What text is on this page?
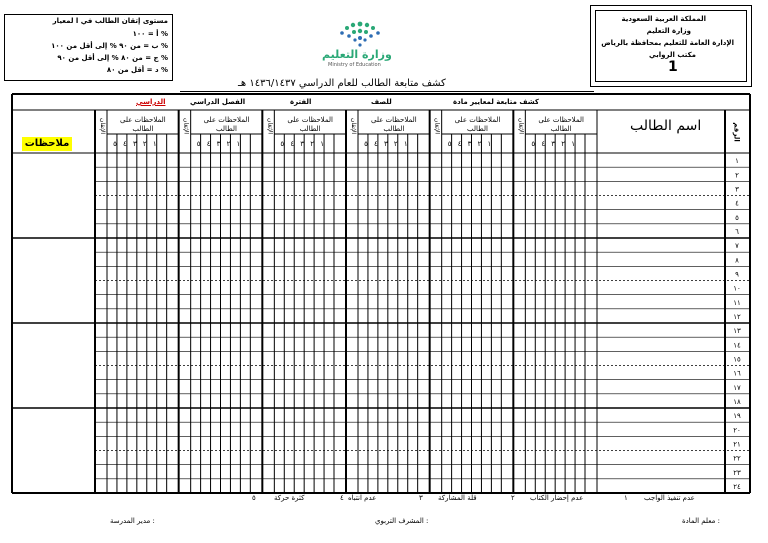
مستوى إتقان الطالب في ا لمعيار
أ = ١٠٠ %
ب = من ٩٠ % إلى أقل من ١٠٠ %
ج = من ٨٠ % إلى أقل من ٩٠ %
د = أقل من ٨٠ %
وزارة التعليم
Ministry of Education
المملكة العربية السعودية
وزارة التعليم
الإدارة العامة للتعليم بمحافظة بالرياض
مكتب الروابي
1
كشف متابعة الطالب للعام الدراسي ١٤٣٦/١٤٣٧ هـ
الملاحظات على
الطالب
الإتقان
٥ ٤ ٣ ٢ ١
الملاحظات على
الطالب
الإتقان
٥ ٤ ٣ ٢ ١
الملاحظات على
الطالب
الإتقان
٥ ٤ ٣ ٢ ١
الملاحظات على
الطالب
الإتقان
٥ ٤ ٣ ٢ ١
الملاحظات على
الطالب
الإتقان
٥ ٤ ٣ ٢ ١
الملاحظات على
الطالب
الإتقان
٥ ٤ ٣ ٢ ١
١
٢
٣
٤
٥
٦
٧
٨
٩
١٠
١١
١٢
١٣
١٤
١٥
١٦
١٧
١٨
١٩
٢٠
٢١
٢٢
٢٣
٢٤
كشف متابعة لمعايير مادة
للصف
الفترة
الفصل الدراسي
الدراسي
اسم الطالب	الرقم
ملاحظات
عدم تنفيذ الواجب
١
عدم إحضار الكتاب
٢
قلة المشاركة
٣
عدم انتباه
٤
كثرة حركة
٥
معلم المادة :
المشرف التربوي :
مدير المدرسة :
